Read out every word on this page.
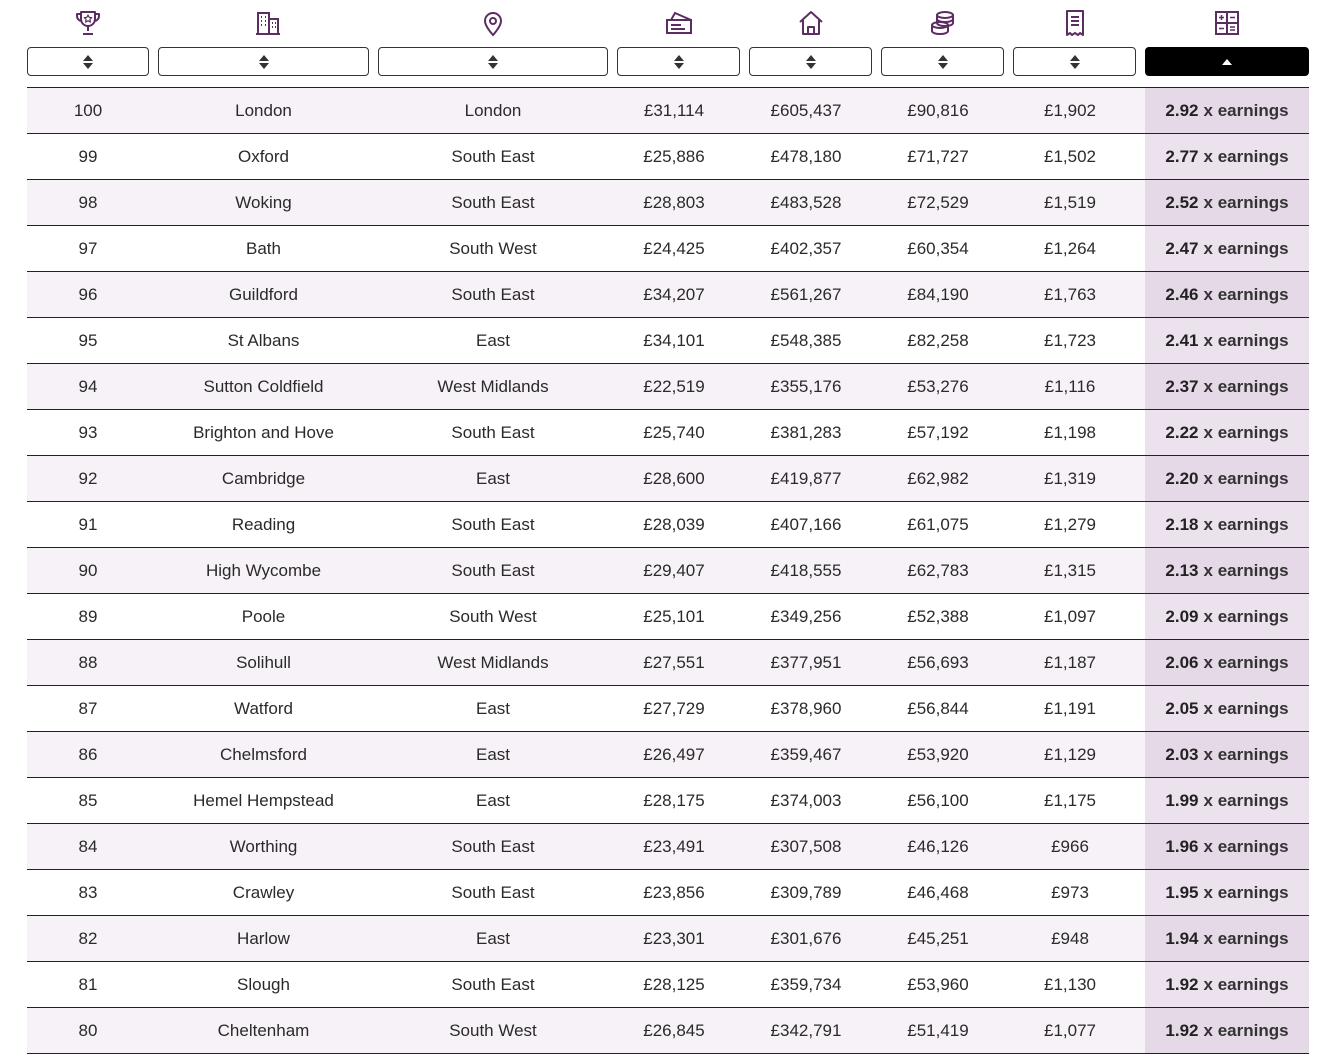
100	London	London	£31,114	£605,437	£90,816	£1,902	2.92 x earnings
99	Oxford	South East	£25,886	£478,180	£71,727	£1,502	2.77 x earnings
98	Woking	South East	£28,803	£483,528	£72,529	£1,519	2.52 x earnings
97	Bath	South West	£24,425	£402,357	£60,354	£1,264	2.47 x earnings
96	Guildford	South East	£34,207	£561,267	£84,190	£1,763	2.46 x earnings
95	St Albans	East	£34,101	£548,385	£82,258	£1,723	2.41 x earnings
94	Sutton Coldfield	West Midlands	£22,519	£355,176	£53,276	£1,116	2.37 x earnings
93	Brighton and Hove	South East	£25,740	£381,283	£57,192	£1,198	2.22 x earnings
92	Cambridge	East	£28,600	£419,877	£62,982	£1,319	2.20 x earnings
91	Reading	South East	£28,039	£407,166	£61,075	£1,279	2.18 x earnings
90	High Wycombe	South East	£29,407	£418,555	£62,783	£1,315	2.13 x earnings
89	Poole	South West	£25,101	£349,256	£52,388	£1,097	2.09 x earnings
88	Solihull	West Midlands	£27,551	£377,951	£56,693	£1,187	2.06 x earnings
87	Watford	East	£27,729	£378,960	£56,844	£1,191	2.05 x earnings
86	Chelmsford	East	£26,497	£359,467	£53,920	£1,129	2.03 x earnings
85	Hemel Hempstead	East	£28,175	£374,003	£56,100	£1,175	1.99 x earnings
84	Worthing	South East	£23,491	£307,508	£46,126	£966	1.96 x earnings
83	Crawley	South East	£23,856	£309,789	£46,468	£973	1.95 x earnings
82	Harlow	East	£23,301	£301,676	£45,251	£948	1.94 x earnings
81	Slough	South East	£28,125	£359,734	£53,960	£1,130	1.92 x earnings
80	Cheltenham	South West	£26,845	£342,791	£51,419	£1,077	1.92 x earnings
